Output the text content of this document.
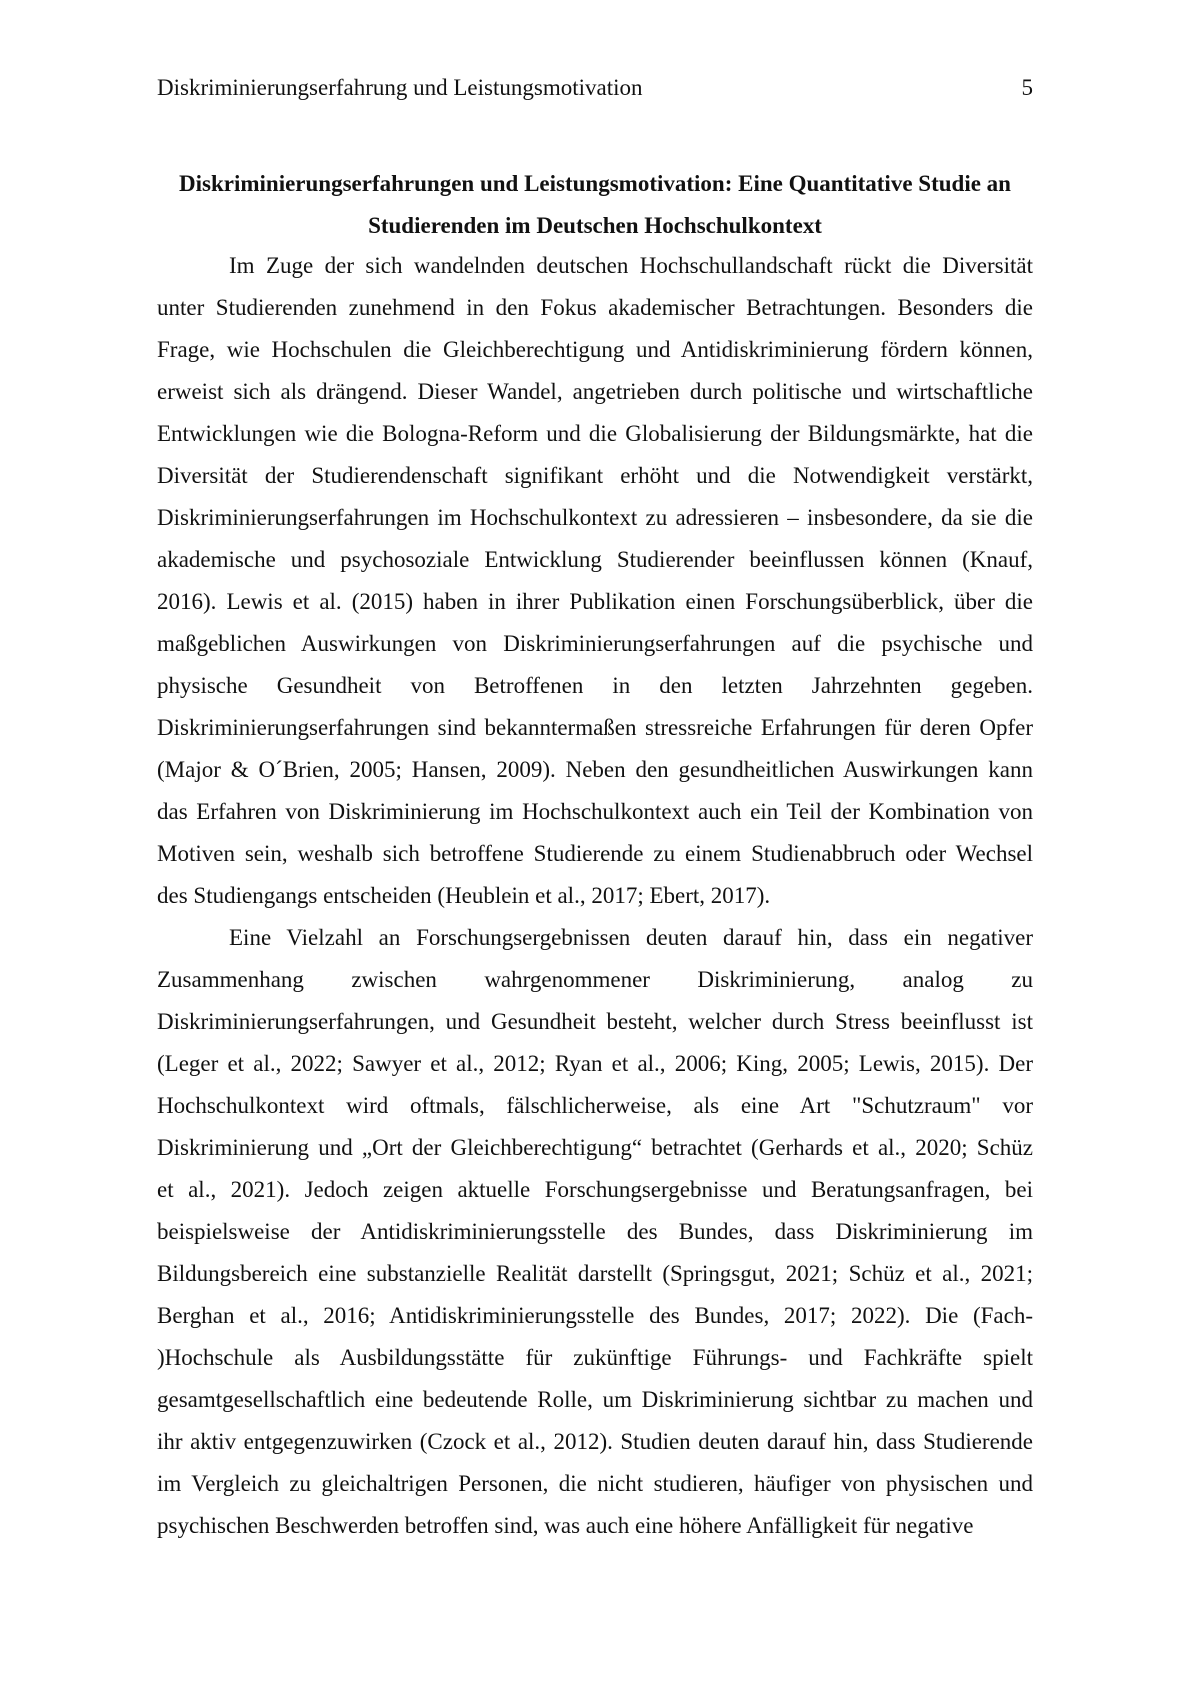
Diskriminierungserfahrung und Leistungsmotivation	5
Diskriminierungserfahrungen und Leistungsmotivation: Eine Quantitative Studie an
Studierenden im Deutschen Hochschulkontext
Im Zuge der sich wandelnden deutschen Hochschullandschaft rückt die Diversität
unter Studierenden zunehmend in den Fokus akademischer Betrachtungen. Besonders die
Frage, wie Hochschulen die Gleichberechtigung und Antidiskriminierung fördern können,
erweist sich als drängend. Dieser Wandel, angetrieben durch politische und wirtschaftliche
Entwicklungen wie die Bologna-Reform und die Globalisierung der Bildungsmärkte, hat die
Diversität der Studierendenschaft signifikant erhöht und die Notwendigkeit verstärkt,
Diskriminierungserfahrungen im Hochschulkontext zu adressieren – insbesondere, da sie die
akademische und psychosoziale Entwicklung Studierender beeinflussen können (Knauf,
2016). Lewis et al. (2015) haben in ihrer Publikation einen Forschungsüberblick, über die
maßgeblichen Auswirkungen von Diskriminierungserfahrungen auf die psychische und
physische Gesundheit von Betroffenen in den letzten Jahrzehnten gegeben.
Diskriminierungserfahrungen sind bekanntermaßen stressreiche Erfahrungen für deren Opfer
(Major & O´Brien, 2005; Hansen, 2009). Neben den gesundheitlichen Auswirkungen kann
das Erfahren von Diskriminierung im Hochschulkontext auch ein Teil der Kombination von
Motiven sein, weshalb sich betroffene Studierende zu einem Studienabbruch oder Wechsel
des Studiengangs entscheiden (Heublein et al., 2017; Ebert, 2017).
Eine Vielzahl an Forschungsergebnissen deuten darauf hin, dass ein negativer
Zusammenhang zwischen wahrgenommener Diskriminierung, analog zu
Diskriminierungserfahrungen, und Gesundheit besteht, welcher durch Stress beeinflusst ist
(Leger et al., 2022; Sawyer et al., 2012; Ryan et al., 2006; King, 2005; Lewis, 2015). Der
Hochschulkontext wird oftmals, fälschlicherweise, als eine Art "Schutzraum" vor
Diskriminierung und „Ort der Gleichberechtigung“ betrachtet (Gerhards et al., 2020; Schüz
et al., 2021). Jedoch zeigen aktuelle Forschungsergebnisse und Beratungsanfragen, bei
beispielsweise der Antidiskriminierungsstelle des Bundes, dass Diskriminierung im
Bildungsbereich eine substanzielle Realität darstellt (Springsgut, 2021; Schüz et al., 2021;
Berghan et al., 2016; Antidiskriminierungsstelle des Bundes, 2017; 2022). Die (Fach-
)Hochschule als Ausbildungsstätte für zukünftige Führungs- und Fachkräfte spielt
gesamtgesellschaftlich eine bedeutende Rolle, um Diskriminierung sichtbar zu machen und
ihr aktiv entgegenzuwirken (Czock et al., 2012). Studien deuten darauf hin, dass Studierende
im Vergleich zu gleichaltrigen Personen, die nicht studieren, häufiger von physischen und
psychischen Beschwerden betroffen sind, was auch eine höhere Anfälligkeit für negative
